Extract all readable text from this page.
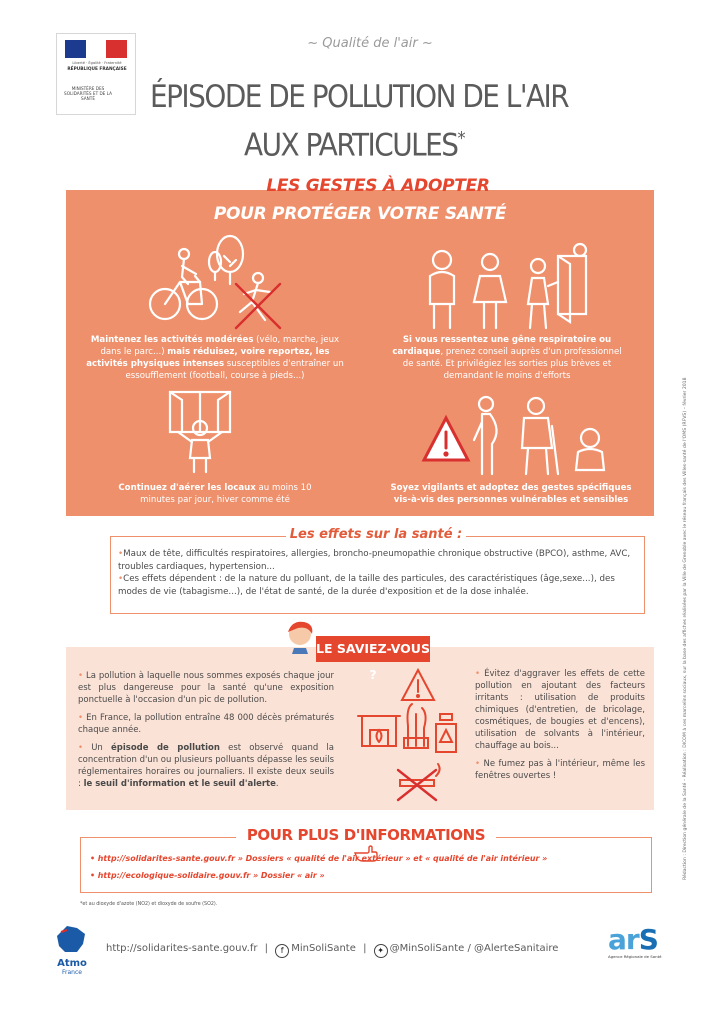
Liberté · Égalité · Fraternité
RÉPUBLIQUE FRANÇAISE
MINISTÈRE DES SOLIDARITÉS ET DE LA SANTÉ
~ Qualité de l'air ~
ÉPISODE DE POLLUTION DE L'AIR
AUX PARTICULES*
LES GESTES À ADOPTER
POUR PROTÉGER VOTRE SANTÉ
Maintenez les activités modérées (vélo, marche, jeux dans le parc...) mais réduisez, voire reportez, les activités physiques intenses susceptibles d'entraîner un essoufflement (football, course à pieds...)
Si vous ressentez une gêne respiratoire ou cardiaque, prenez conseil auprès d'un professionnel de santé. Et privilégiez les sorties plus brèves et demandant le moins d'efforts
Continuez d'aérer les locaux au moins 10 minutes par jour, hiver comme été
Soyez vigilants et adoptez des gestes spécifiques vis-à-vis des personnes vulnérables et sensibles
Les effets sur la santé :
•Maux de tête, difficultés respiratoires, allergies, broncho-pneumopathie chronique obstructive (BPCO), asthme, AVC, troubles cardiaques, hypertension...
•Ces effets dépendent : de la nature du polluant, de la taille des particules, des caractéristiques (âge,sexe...), des modes de vie (tabagisme...), de l'état de santé, de la durée d'exposition et de la dose inhalée.
LE SAVIEZ-VOUS ?
• La pollution à laquelle nous sommes exposés chaque jour est plus dangereuse pour la santé qu'une exposition ponctuelle à l'occasion d'un pic de pollution.
• En France, la pollution entraîne 48 000 décès prématurés chaque année.
• Un épisode de pollution est observé quand la concentration d'un ou plusieurs polluants dépasse les seuils réglementaires horaires ou journaliers. Il existe deux seuils : le seuil d'information et le seuil d'alerte.
• Évitez d'aggraver les effets de cette pollution en ajoutant des facteurs irritants : utilisation de produits chimiques (d'entretien, de bricolage, cosmétiques, de bougies et d'encens), utilisation de solvants à l'intérieur, chauffage au bois...
• Ne fumez pas à l'intérieur, même les fenêtres ouvertes !
POUR PLUS D'INFORMATIONS
• http://solidarites-sante.gouv.fr » Dossiers « qualité de l'air extérieur » et « qualité de l'air intérieur »
• http://ecologique-solidaire.gouv.fr » Dossier « air »
*et au dioxyde d'azote (NO2) et dioxyde de soufre (SO2).
Rédaction : Direction générale de la Santé – Réalisation : DICOM à ces marcelins sociaux, sur la base des affiches réalisées par la Ville de Grenoble avec le réseau français des Villes-santé de l'OMS (RFVS) – février 2018
Atmo
France
http://solidarites-sante.gouv.fr | f MinSoliSante | ✦ @MinSoliSante / @AlerteSanitaire arS
Agence Régionale de Santé
